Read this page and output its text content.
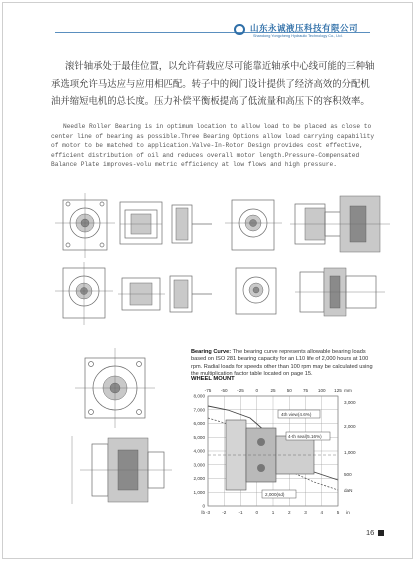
山东永诚液压科技有限公司
Shandong Yongcheng Hydraulic Technology Co., Ltd.
滚针轴承处于最佳位置，以允许荷载应尽可能靠近轴承中心线可能的三种轴承选项允许马达应与应用相匹配。转子中的阀门设计提供了经济高效的分配机油并缩短电机的总长度。压力补偿平衡板提高了低流量和高压下的容积效率。
Needle Roller Bearing is in optimum location to allow load to be placed as close to center line of bearing as possible.Three Bearing Options allow load carrying capability of motor to be matched to application.Valve-In-Rotor Design provides cost effective, efficient distribution of oil and reduces overall motor length.Pressure-Compensated Balance Plate improves-volu metric efficiency at low flows and high pressure.
Bearing Curve: The bearing curve represents allowable bearing loads based on ISO 281 bearing capacity for an L10 life of 2,000 hours at 100 rpm. Radial loads for speeds other than 100 rpm may be calculated using the multiplication factor table located on page 15.
WHEEL MOUNT
-75 -50 -25	0	25 50 75 100 125 mm
8,000
7,000
6,000
5,000
4,000
3,000
2,000
1,000
0
lb
3,000
2,000
1,000
500
daN
-3	-2	-1	0	1	2	3	4	5 in
4th view(4.6%)
4-th seal(5.16%)
2,000(sd)
16
